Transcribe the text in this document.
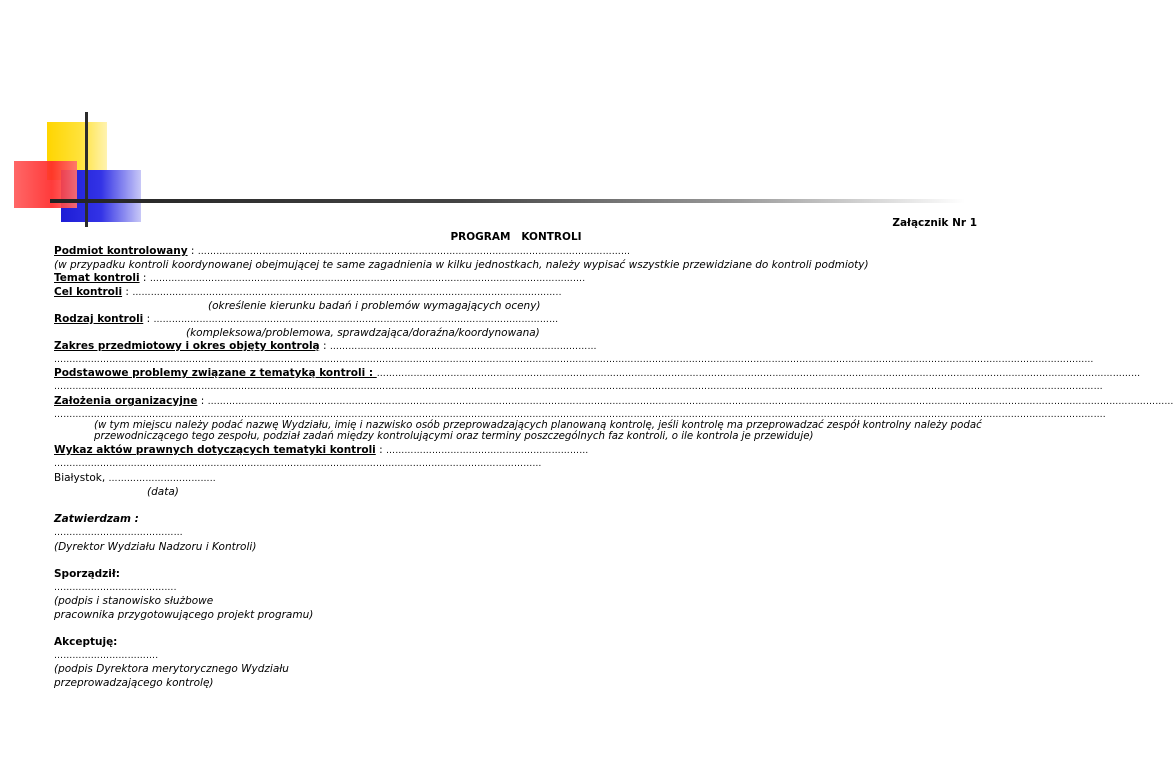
Załącznik Nr 1
PROGRAM   KONTROLI
Podmiot kontrolowany : ……………………………………………………………………………………………………………………………
(w przypadku kontroli koordynowanej obejmującej te same zagadnienia w kilku jednostkach, należy wypisać wszystkie przewidziane do kontroli podmioty)
Temat kontroli : …………………………………………………………………………………………………………………………….
Cel kontroli : …………………………………………………………………………………………………………………………..
(określenie kierunku badań i problemów wymagających oceny)
Rodzaj kontroli : ……………………………………………………………………………………………………………………
(kompleksowa/problemowa, sprawdzająca/doraźna/koordynowana)
Zakres przedmiotowy i okres objęty kontrolą : ……………………………………………………………………………
……………………………………………………………………………………………………………………………………………………………………………………………………………………………………………………………………………………………………………
Podstawowe problemy związane z tematyką kontroli : ……………………………………………………………………………………………………………………………………………………………………………………………………………………………
………………………………………………………………………………………………………………………………………………………………………………………………………………………………………………………………………………………………………………
Założenia organizacyjne : ………………………………………………………………………………………………………………………………………………………………………………………………………………………………………………………………………………………
……………………………………………………………………………………………………………………………………………………………………………………………………………………………………………………………………………………………………………….
(w tym miejscu należy podać nazwę Wydziału, imię i nazwisko osób przeprowadzających planowaną kontrolę, jeśli kontrolę ma przeprowadzać zespół kontrolny należy podać
przewodniczącego tego zespołu, podział zadań między kontrolującymi oraz terminy poszczególnych faz kontroli, o ile kontrola je przewiduje)
Wykaz aktów prawnych dotyczących tematyki kontroli : …………………………………………………………
……………………………………………………………………………………………………………………………………………
Białystok, ……………………………..
(data)
Zatwierdzam :
……………………………………
(Dyrektor Wydziału Nadzoru i Kontroli)
Sporządził:
………………………………….
(podpis i stanowisko służbowe
pracownika przygotowującego projekt programu)
Akceptuję:
…………………………….
(podpis Dyrektora merytorycznego Wydziału
przeprowadzającego kontrolę)
